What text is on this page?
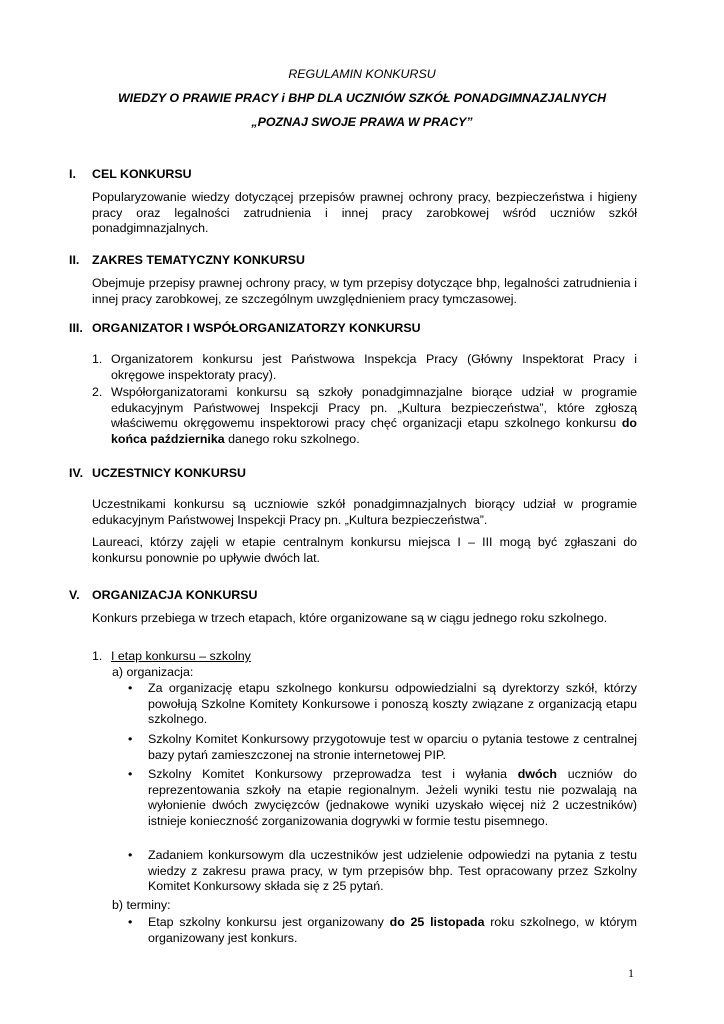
REGULAMIN KONKURSU
WIEDZY O PRAWIE PRACY i BHP DLA UCZNIÓW SZKÓŁ PONADGIMNAZJALNYCH
„POZNAJ SWOJE PRAWA W PRACY”
I. CEL KONKURSU
Popularyzowanie wiedzy dotyczącej przepisów prawnej ochrony pracy, bezpieczeństwa i higieny pracy oraz legalności zatrudnienia i innej pracy zarobkowej wśród uczniów szkół ponadgimnazjalnych.
II. ZAKRES TEMATYCZNY KONKURSU
Obejmuje przepisy prawnej ochrony pracy, w tym przepisy dotyczące bhp, legalności zatrudnienia i innej pracy zarobkowej, ze szczególnym uwzględnieniem pracy tymczasowej.
III. ORGANIZATOR I WSPÓŁORGANIZATORZY KONKURSU
1. Organizatorem konkursu jest Państwowa Inspekcja Pracy (Główny Inspektorat Pracy i okręgowe inspektoraty pracy).
2. Współorganizatorami konkursu są szkoły ponadgimnazjalne biorące udział w programie edukacyjnym Państwowej Inspekcji Pracy pn. „Kultura bezpieczeństwa”, które zgłoszą właściwemu okręgowemu inspektorowi pracy chęć organizacji etapu szkolnego konkursu do końca października danego roku szkolnego.
IV. UCZESTNICY KONKURSU
Uczestnikami konkursu są uczniowie szkół ponadgimnazjalnych biorący udział w programie edukacyjnym Państwowej Inspekcji Pracy pn. „Kultura bezpieczeństwa”.
Laureaci, którzy zajęli w etapie centralnym konkursu miejsca I – III mogą być zgłaszani do konkursu ponownie po upływie dwóch lat.
V. ORGANIZACJA KONKURSU
Konkurs przebiega w trzech etapach, które organizowane są w ciągu jednego roku szkolnego.
1. I etap konkursu – szkolny
a) organizacja:
• Za organizację etapu szkolnego konkursu odpowiedzialni są dyrektorzy szkół, którzy powołują Szkolne Komitety Konkursowe i ponoszą koszty związane z organizacją etapu szkolnego.
• Szkolny Komitet Konkursowy przygotowuje test w oparciu o pytania testowe z centralnej bazy pytań zamieszczonej na stronie internetowej PIP.
• Szkolny Komitet Konkursowy przeprowadza test i wyłania dwóch uczniów do reprezentowania szkoły na etapie regionalnym. Jeżeli wyniki testu nie pozwalają na wyłonienie dwóch zwycięzców (jednakowe wyniki uzyskało więcej niż 2 uczestników) istnieje konieczność zorganizowania dogrywki w formie testu pisemnego.
• Zadaniem konkursowym dla uczestników jest udzielenie odpowiedzi na pytania z testu wiedzy z zakresu prawa pracy, w tym przepisów bhp. Test opracowany przez Szkolny Komitet Konkursowy składa się z 25 pytań.
b) terminy:
• Etap szkolny konkursu jest organizowany do 25 listopada roku szkolnego, w którym organizowany jest konkurs.
1
